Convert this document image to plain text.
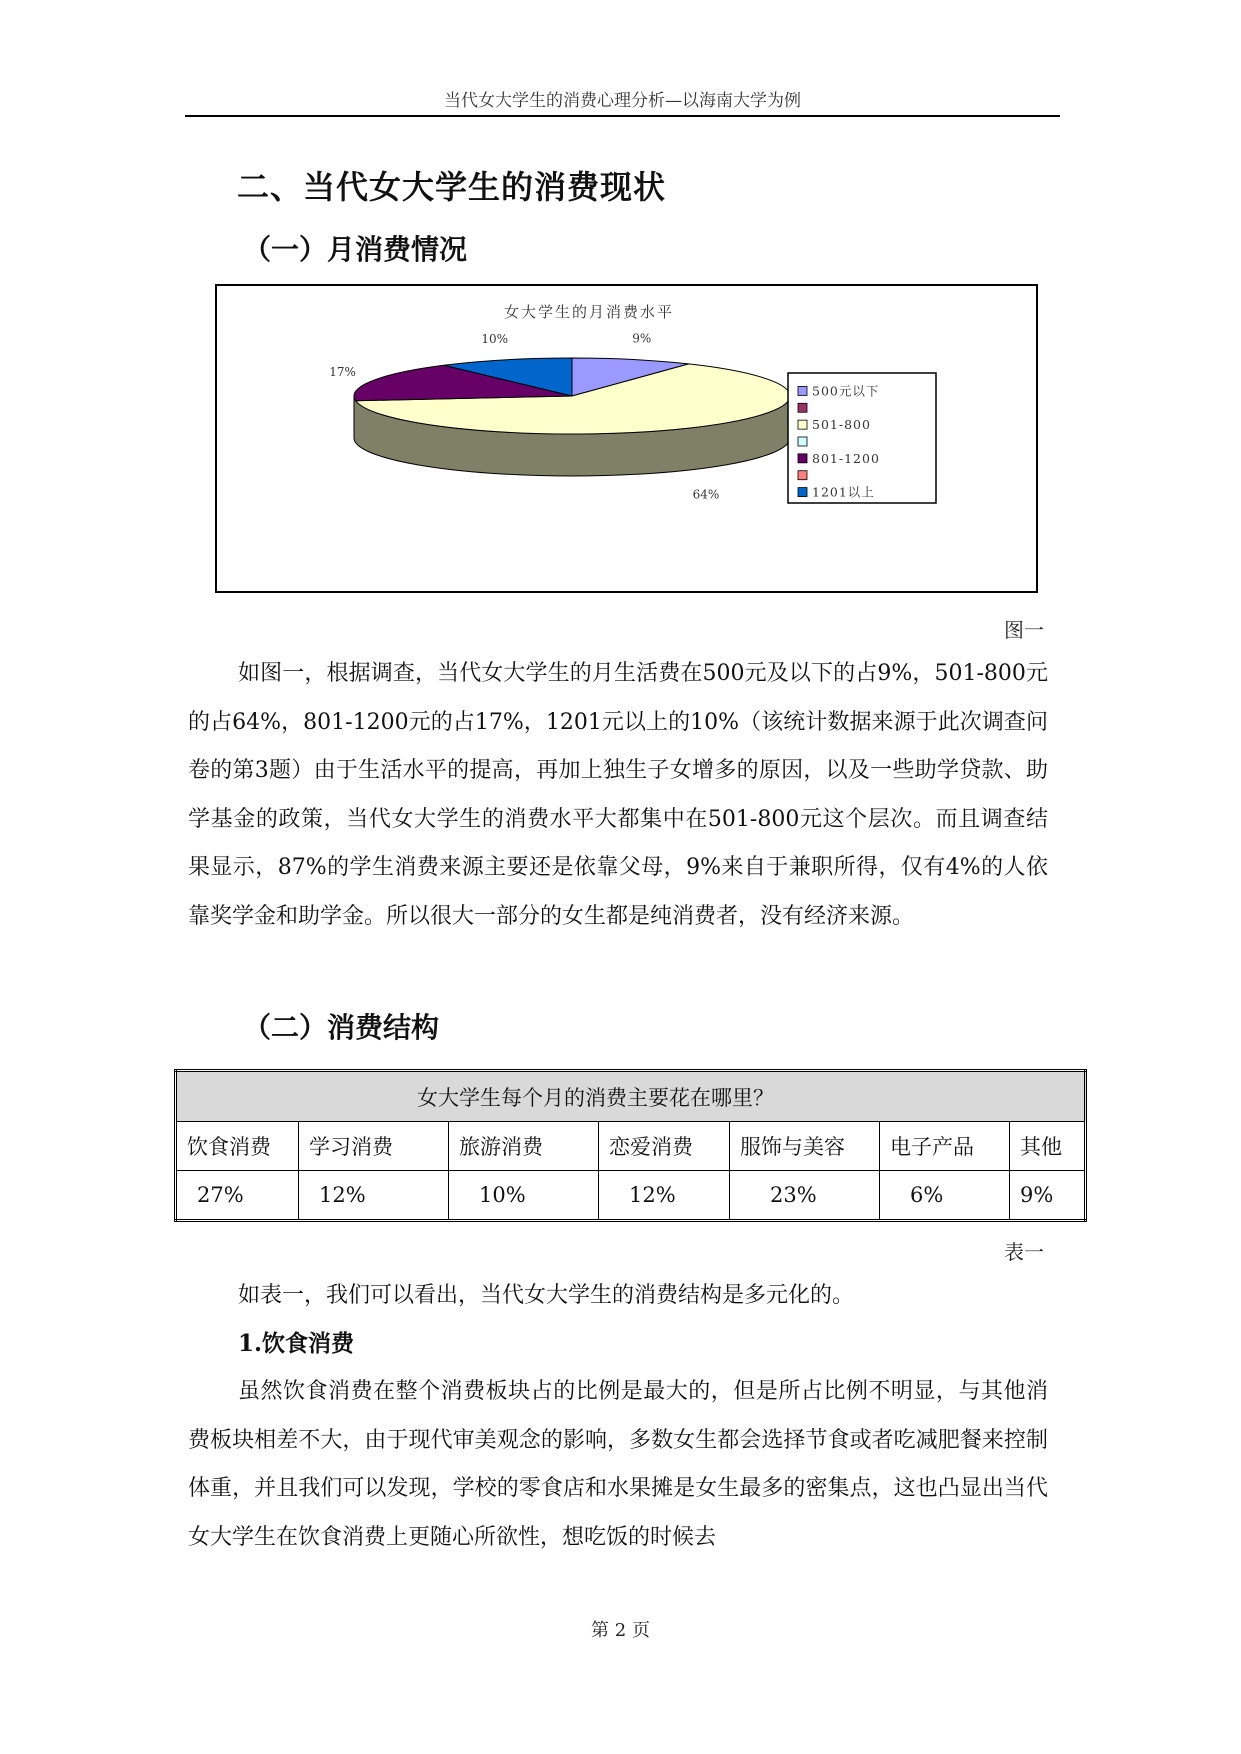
当代女大学生的消费心理分析—以海南大学为例
二、当代女大学生的消费现状
（一）月消费情况
女大学生的月消费水平
9%
64%
17%
10%
500元以下
501-800
801-1200
1201以上
图一

如图一，根据调查，当代女大学生的月生活费在500元及以下的占9%，501-800元的占64%，801-1200元的占17%，1201元以上的10%（该统计数据来源于此次调查问卷的第3题）由于生活水平的提高，再加上独生子女增多的原因，以及一些助学贷款、助学基金的政策，当代女大学生的消费水平大都集中在501-800元这个层次。而且调查结果显示，87%的学生消费来源主要还是依靠父母，9%来自于兼职所得，仅有4%的人依靠奖学金和助学金。所以很大一部分的女生都是纯消费者，没有经济来源。

（二）消费结构
女大学生每个月的消费主要花在哪里？						
饮食消费	学习消费	旅游消费	恋爱消费	服饰与美容	电子产品	其他
27%	12%	10%	12%	23%	6%	9%
表一

如表一，我们可以看出，当代女大学生的消费结构是多元化的。

1.饮食消费

虽然饮食消费在整个消费板块占的比例是最大的，但是所占比例不明显，与其他消费板块相差不大，由于现代审美观念的影响，多数女生都会选择节食或者吃减肥餐来控制体重，并且我们可以发现，学校的零食店和水果摊是女生最多的密集点，这也凸显出当代女大学生在饮食消费上更随心所欲性，想吃饭的时候去

第 2 页
